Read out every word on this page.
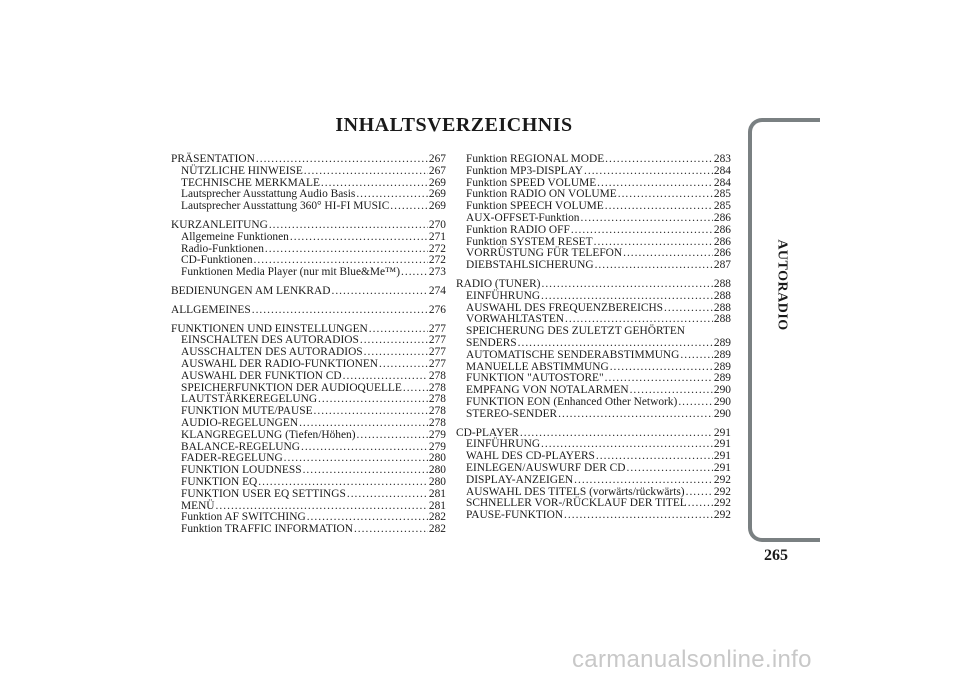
INHALTSVERZEICHNIS
PRÄSENTATION .....	267
NÜTZLICHE HINWEISE .....	267
TECHNISCHE MERKMALE .....	269
Lautsprecher Ausstattung Audio Basis .....	269
Lautsprecher Ausstattung 360° HI-FI MUSIC .....	269
KURZANLEITUNG .....	270
Allgemeine Funktionen .....	271
Radio-Funktionen .....	272
CD-Funktionen .....	272
Funktionen Media Player (nur mit Blue&Me™) .....	273
BEDIENUNGEN AM LENKRAD .....	274
ALLGEMEINES .....	276
FUNKTIONEN UND EINSTELLUNGEN .....	277
EINSCHALTEN DES AUTORADIOS .....	277
AUSSCHALTEN DES AUTORADIOS .....	277
AUSWAHL DER RADIO-FUNKTIONEN .....	277
AUSWAHL DER FUNKTION CD .....	278
SPEICHERFUNKTION DER AUDIOQUELLE ..... 278
LAUTSTÄRKEREGELUNG .....	278
FUNKTION MUTE/PAUSE .....	278
AUDIO-REGELUNGEN .....	278
KLANGREGELUNG (Tiefen/Höhen) .....	279
BALANCE-REGELUNG .....	279
FADER-REGELUNG .....	280
FUNKTION LOUDNESS .....	280
FUNKTION EQ .....	280
FUNKTION USER EQ SETTINGS .....	281
MENÜ .....	281
Funktion AF SWITCHING .....	282
Funktion TRAFFIC INFORMATION .....	282
Funktion REGIONAL MODE .....	283
Funktion MP3-DISPLAY .....	284
Funktion SPEED VOLUME .....	284
Funktion RADIO ON VOLUME .....	285
Funktion SPEECH VOLUME .....	285
AUX-OFFSET-Funktion .....	286
Funktion RADIO OFF .....	286
Funktion SYSTEM RESET .....	286
VORRÜSTUNG FÜR TELEFON .....	286
DIEBSTAHLSICHERUNG .....	287
RADIO (TUNER) .....	288
EINFÜHRUNG .....	288
AUSWAHL DES FREQUENZBEREICHS .....	288
VORWAHLTASTEN .....	288
SPEICHERUNG DES ZULETZT GEHÖRTEN
SENDERS .....	289
AUTOMATISCHE SENDERABSTIMMUNG .....	289
MANUELLE ABSTIMMUNG .....	289
FUNKTION "AUTOSTORE" .....	289
EMPFANG VON NOTALARMEN .....	290
FUNKTION EON (Enhanced Other Network) .....	290
STEREO-SENDER .....	290
CD-PLAYER .....	291
EINFÜHRUNG .....	291
WAHL DES CD-PLAYERS .....	291
EINLEGEN/AUSWURF DER CD .....	291
DISPLAY-ANZEIGEN .....	292
AUSWAHL DES TITELS (vorwärts/rückwärts) .....	292
SCHNELLER VOR-/RÜCKLAUF DER TITEL ..... 292
PAUSE-FUNKTION .....	292
AUTORADIO
265
carmanualsonline.info
